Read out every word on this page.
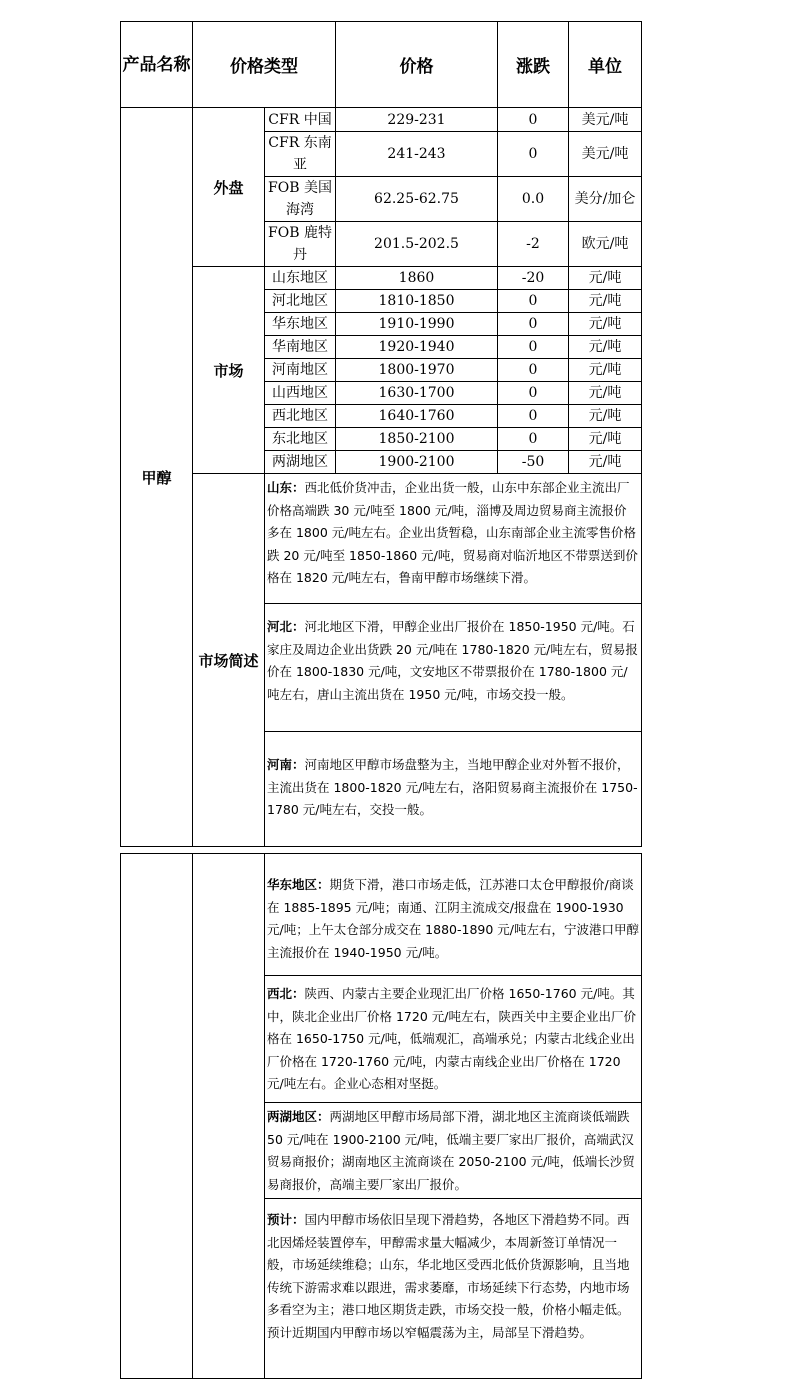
产品名称	价格类型		价格	涨跌	单位
甲醇	外盘	CFR 中国	229-231	0	美元/吨
		CFR 东南亚	241-243	0	美元/吨
		FOB 美国海湾	62.25-62.75	0.0	美分/加仑
		FOB 鹿特丹	201.5-202.5	-2	欧元/吨
	市场	山东地区	1860	-20	元/吨
		河北地区	1810-1850	0	元/吨
		华东地区	1910-1990	0	元/吨
		华南地区	1920-1940	0	元/吨
		河南地区	1800-1970	0	元/吨
		山西地区	1630-1700	0	元/吨
		西北地区	1640-1760	0	元/吨
		东北地区	1850-2100	0	元/吨
		两湖地区	1900-2100	-50	元/吨
	市场简述	山东：西北低价货冲击，企业出货一般，山东中东部企业主流出厂价格高端跌 30 元/吨至 1800 元/吨，淄博及周边贸易商主流报价多在 1800 元/吨左右。企业出货暂稳，山东南部企业主流零售价格跌 20 元/吨至 1850-1860 元/吨，贸易商对临沂地区不带票送到价格在 1820 元/吨左右，鲁南甲醇市场继续下滑。			

		河北：河北地区下滑，甲醇企业出厂报价在 1850-1950 元/吨。石家庄及周边企业出货跌 20 元/吨在 1780-1820 元/吨左右，贸易报价在 1800-1830 元/吨，文安地区不带票报价在 1780-1800 元/吨左右，唐山主流出货在 1950 元/吨，市场交投一般。			

		河南：河南地区甲醇市场盘整为主，当地甲醇企业对外暂不报价，主流出货在 1800-1820 元/吨左右，洛阳贸易商主流报价在 1750-1780 元/吨左右，交投一般。			

华东地区：期货下滑，港口市场走低，江苏港口太仓甲醇报价/商谈在 1885-1895 元/吨；南通、江阴主流成交/报盘在 1900-1930 元/吨；上午太仓部分成交在 1880-1890 元/吨左右，宁波港口甲醇主流报价在 1940-1950 元/吨。

西北：陕西、内蒙古主要企业现汇出厂价格 1650-1760 元/吨。其中，陕北企业出厂价格 1720 元/吨左右，陕西关中主要企业出厂价格在 1650-1750 元/吨，低端观汇，高端承兑；内蒙古北线企业出厂价格在 1720-1760 元/吨，内蒙古南线企业出厂价格在 1720 元/吨左右。企业心态相对坚挺。

两湖地区：两湖地区甲醇市场局部下滑，湖北地区主流商谈低端跌 50 元/吨在 1900-2100 元/吨，低端主要厂家出厂报价，高端武汉贸易商报价；湖南地区主流商谈在 2050-2100 元/吨，低端长沙贸易商报价，高端主要厂家出厂报价。

预计：国内甲醇市场依旧呈现下滑趋势，各地区下滑趋势不同。西北因烯烃装置停车，甲醇需求量大幅减少，本周新签订单情况一般，市场延续维稳；山东，华北地区受西北低价货源影响，且当地传统下游需求难以跟进，需求萎靡，市场延续下行态势，内地市场多看空为主；港口地区期货走跌，市场交投一般，价格小幅走低。预计近期国内甲醇市场以窄幅震荡为主，局部呈下滑趋势。
